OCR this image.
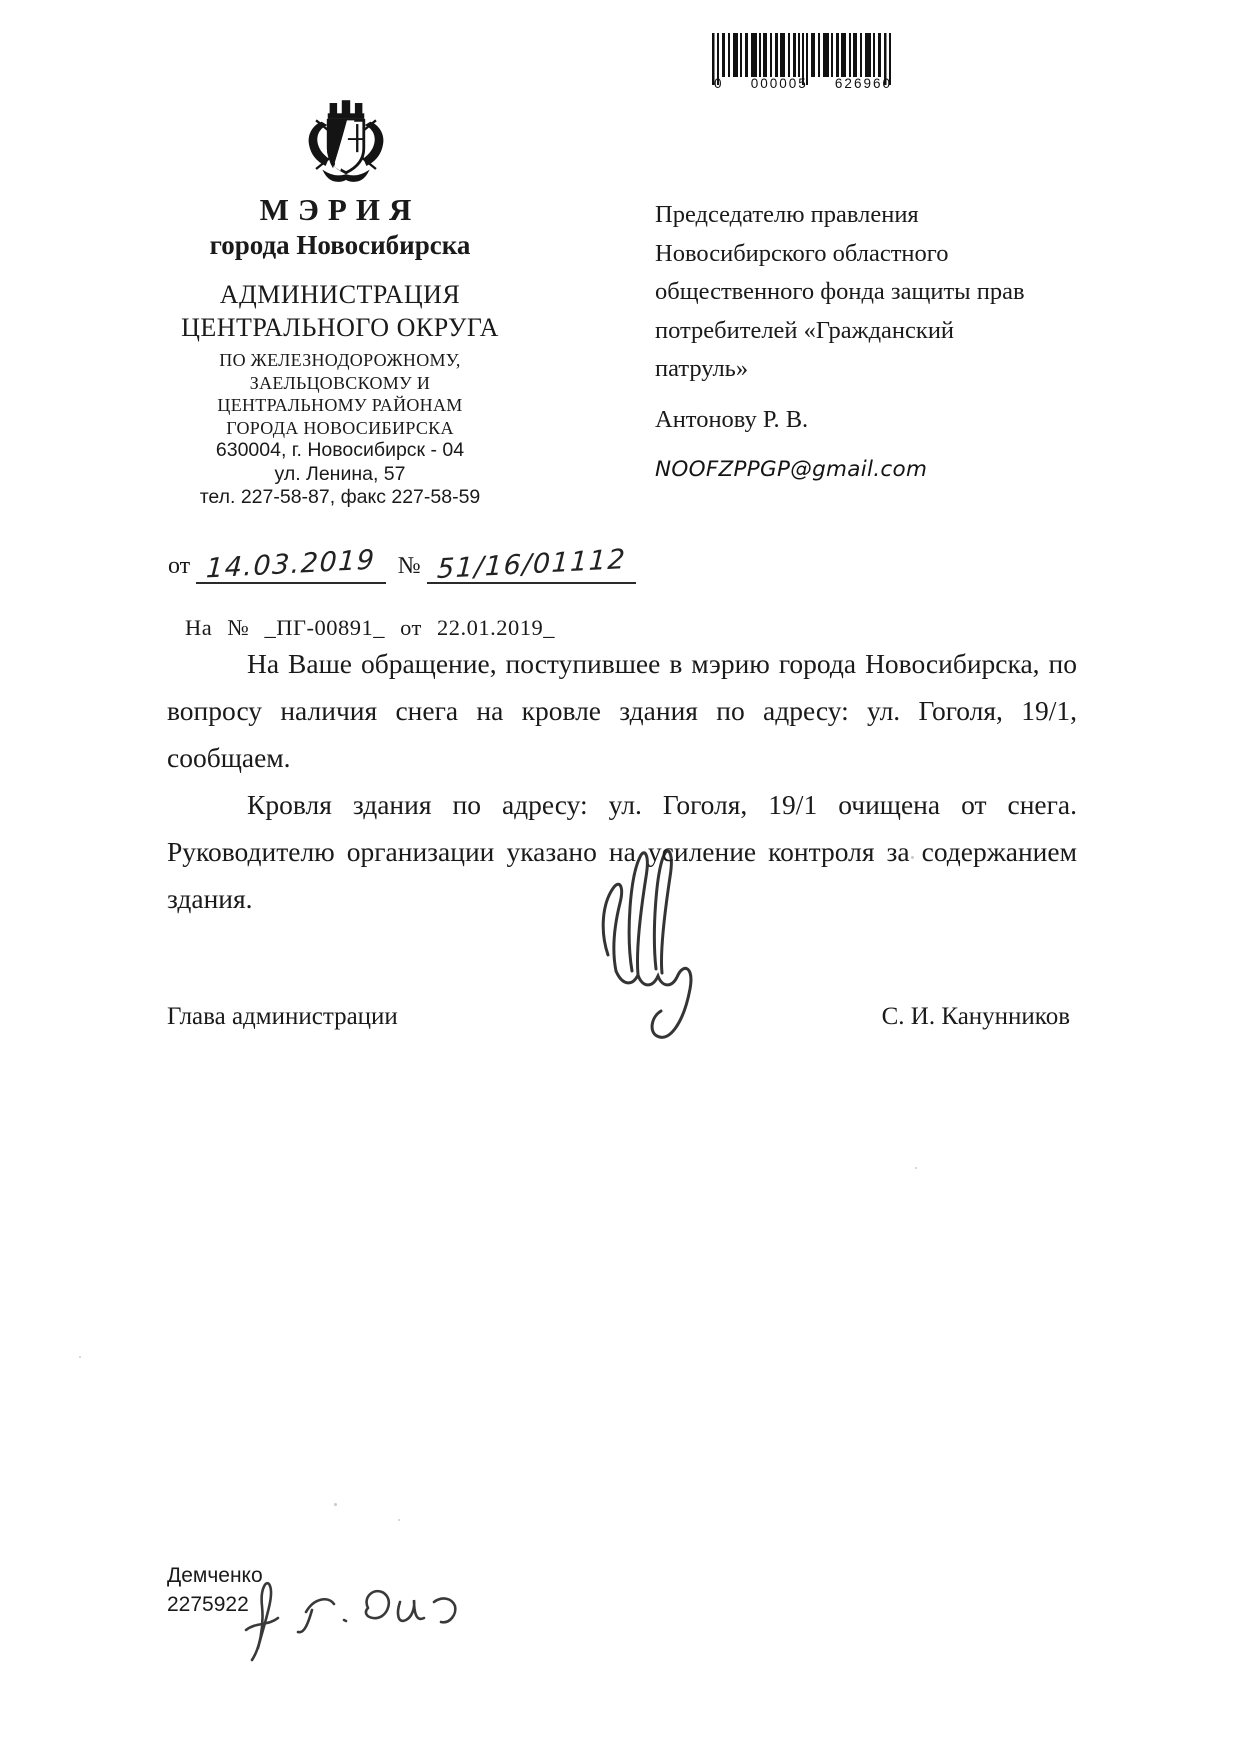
0 000005 626960
МЭРИЯ
города Новосибирска
АДМИНИСТРАЦИЯ
ЦЕНТРАЛЬНОГО ОКРУГА
ПО ЖЕЛЕЗНОДОРОЖНОМУ,
ЗАЕЛЬЦОВСКОМУ И
ЦЕНТРАЛЬНОМУ РАЙОНАМ
ГОРОДА НОВОСИБИРСКА
630004, г. Новосибирск - 04
ул. Ленина, 57
тел. 227-58-87, факс 227-58-59
от 14.03.2019 № 51/16/01112
На № _ПГ-00891_ от 22.01.2019_
Председателю правления
Новосибирского областного
общественного фонда защиты прав
потребителей «Гражданский
патруль»
Антонову Р. В.
NOOFZPPGP@gmail.com

На Ваше обращение, поступившее в мэрию города Новосибирска, по вопросу наличия снега на кровле здания по адресу: ул. Гоголя, 19/1, сообщаем.

Кровля здания по адресу: ул. Гоголя, 19/1 очищена от снега. Руководителю организации указано на усиление контроля за содержанием здания.

Глава администрации	С. И. Канунников
Демченко
2275922
